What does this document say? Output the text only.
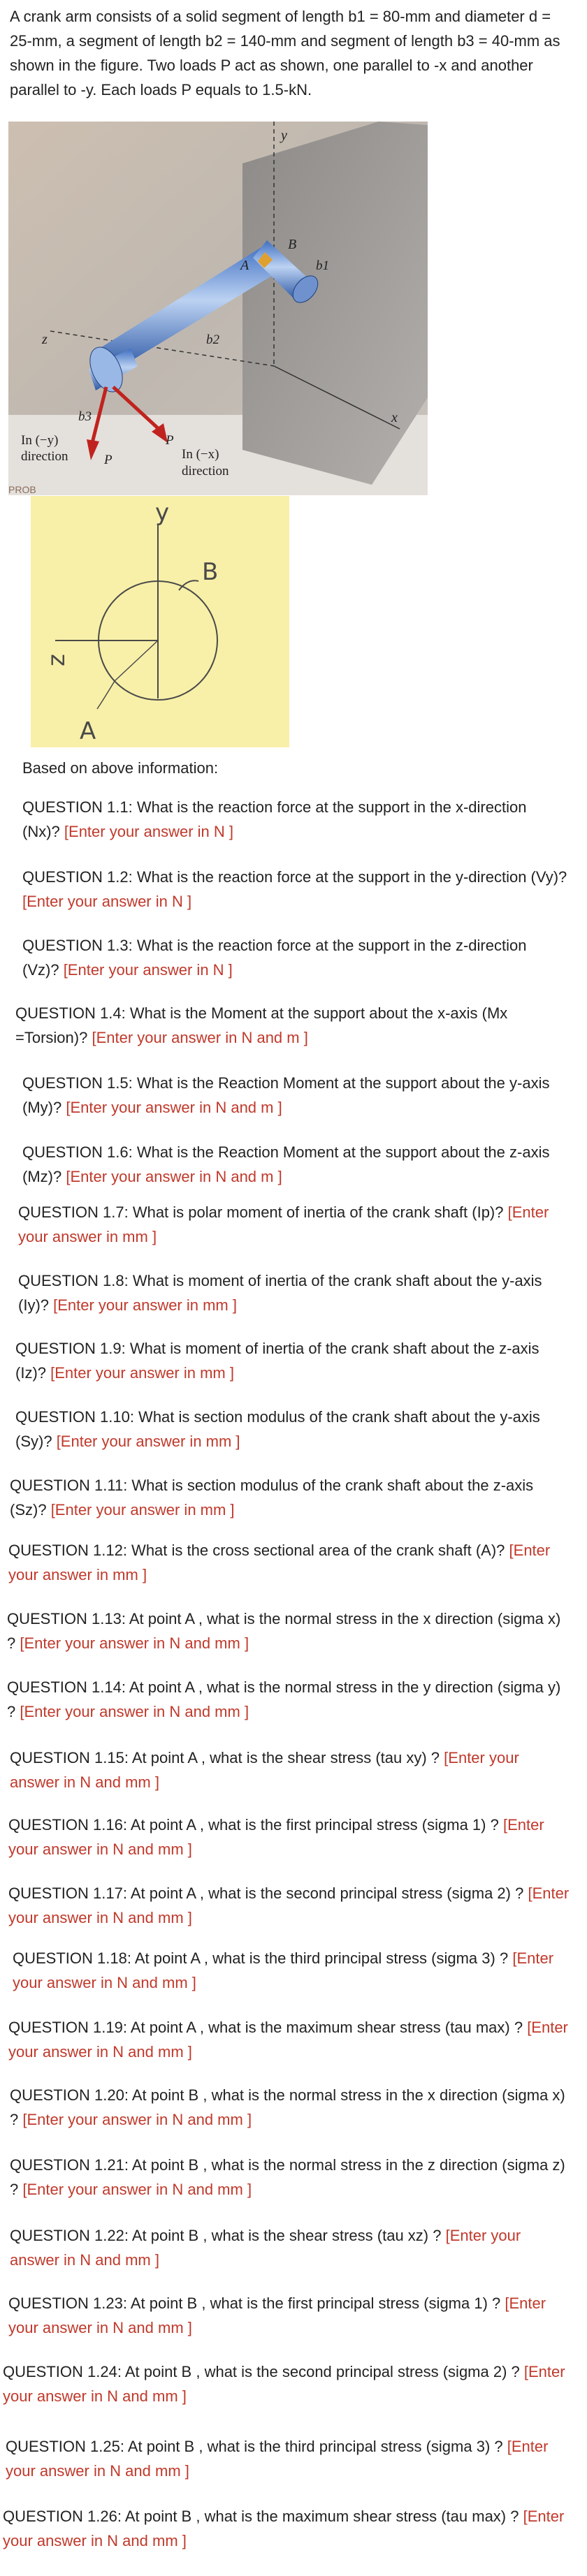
A crank arm consists of a solid segment of length b1 = 80-mm and diameter d = 25-mm, a segment of length b2 = 140-mm and segment of length b3 = 40-mm as shown in the figure. Two loads P act as shown, one parallel to -x and another parallel to -y. Each loads P equals to 1.5-kN.

y
z
x
A
B
b1
b2
b3
P
P
In (−y)
direction	In (−x)
direction
PROB
y
B
z
A

Based on above information:

QUESTION 1.1: What is the reaction force at the support in the x-direction (Nx)? [Enter your answer in N ]

QUESTION 1.2: What is the reaction force at the support in the y-direction (Vy)? [Enter your answer in N ]

QUESTION 1.3: What is the reaction force at the support in the z-direction (Vz)? [Enter your answer in N ]

QUESTION 1.4: What is the Moment at the support about the x-axis (Mx =Torsion)? [Enter your answer in N and m ]

QUESTION 1.5: What is the Reaction Moment at the support about the y-axis (My)? [Enter your answer in N and m ]

QUESTION 1.6: What is the Reaction Moment at the support about the z-axis (Mz)? [Enter your answer in N and m ]

QUESTION 1.7: What is polar moment of inertia of the crank shaft (Ip)? [Enter your answer in mm ]

QUESTION 1.8: What is moment of inertia of the crank shaft about the y-axis (Iy)? [Enter your answer in mm ]

QUESTION 1.9: What is moment of inertia of the crank shaft about the z-axis (Iz)? [Enter your answer in mm ]

QUESTION 1.10: What is section modulus of the crank shaft about the y-axis (Sy)? [Enter your answer in mm ]

QUESTION 1.11: What is section modulus of the crank shaft about the z-axis (Sz)? [Enter your answer in mm ]

QUESTION 1.12: What is the cross sectional area of the crank shaft (A)? [Enter your answer in mm ]

QUESTION 1.13: At point A , what is the normal stress in the x direction (sigma x) ? [Enter your answer in N and mm ]

QUESTION 1.14: At point A , what is the normal stress in the y direction (sigma y) ? [Enter your answer in N and mm ]

QUESTION 1.15: At point A , what is the shear stress (tau xy) ? [Enter your answer in N and mm ]

QUESTION 1.16: At point A , what is the first principal stress (sigma 1) ? [Enter your answer in N and mm ]

QUESTION 1.17: At point A , what is the second principal stress (sigma 2) ? [Enter your answer in N and mm ]

QUESTION 1.18: At point A , what is the third principal stress (sigma 3) ? [Enter your answer in N and mm ]

QUESTION 1.19: At point A , what is the maximum shear stress (tau max) ? [Enter your answer in N and mm ]

QUESTION 1.20: At point B , what is the normal stress in the x direction (sigma x) ? [Enter your answer in N and mm ]

QUESTION 1.21: At point B , what is the normal stress in the z direction (sigma z) ? [Enter your answer in N and mm ]

QUESTION 1.22: At point B , what is the shear stress (tau xz) ? [Enter your answer in N and mm ]

QUESTION 1.23: At point B , what is the first principal stress (sigma 1) ? [Enter your answer in N and mm ]

QUESTION 1.24: At point B , what is the second principal stress (sigma 2) ? [Enter your answer in N and mm ]

QUESTION 1.25: At point B , what is the third principal stress (sigma 3) ? [Enter your answer in N and mm ]

QUESTION 1.26: At point B , what is the maximum shear stress (tau max) ? [Enter your answer in N and mm ]
